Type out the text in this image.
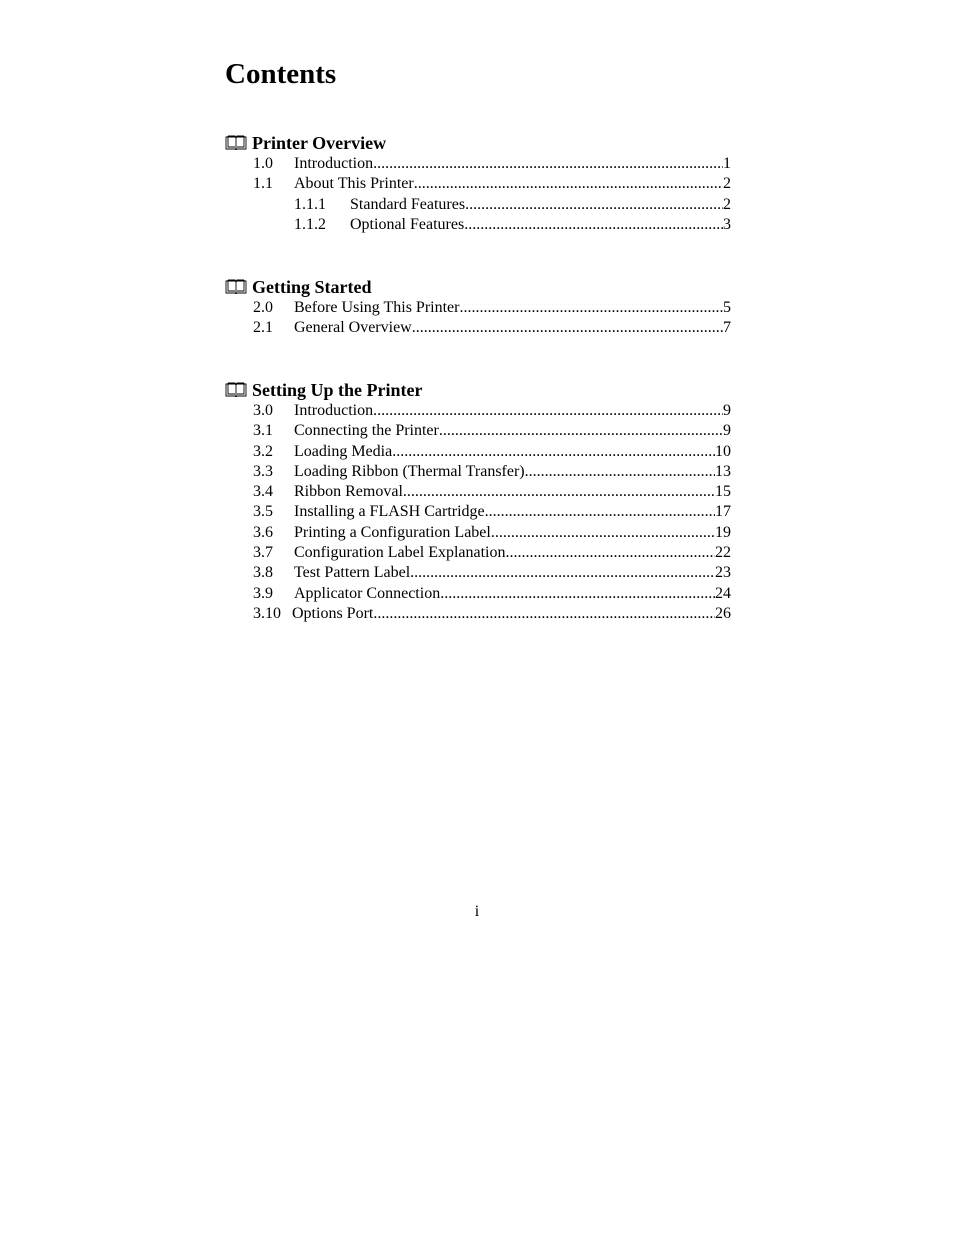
Contents
Printer Overview
1.0	Introduction .....	1
1.1	About This Printer .....	2
1.1.1	Standard Features .....	2
1.1.2	Optional Features .....	3
Getting Started
2.0	Before Using This Printer .....	5
2.1	General Overview .....	7
Setting Up the Printer
3.0	Introduction .....	9
3.1	Connecting the Printer .....	9
3.2	Loading Media .....	10
3.3	Loading Ribbon (Thermal Transfer) .....	13
3.4	Ribbon Removal .....	15
3.5	Installing a FLASH Cartridge .....	17
3.6	Printing a Configuration Label .....	19
3.7	Configuration Label Explanation .....	22
3.8	Test Pattern Label .....	23
3.9	Applicator Connection .....	24
3.10 Options Port .....	26
i
